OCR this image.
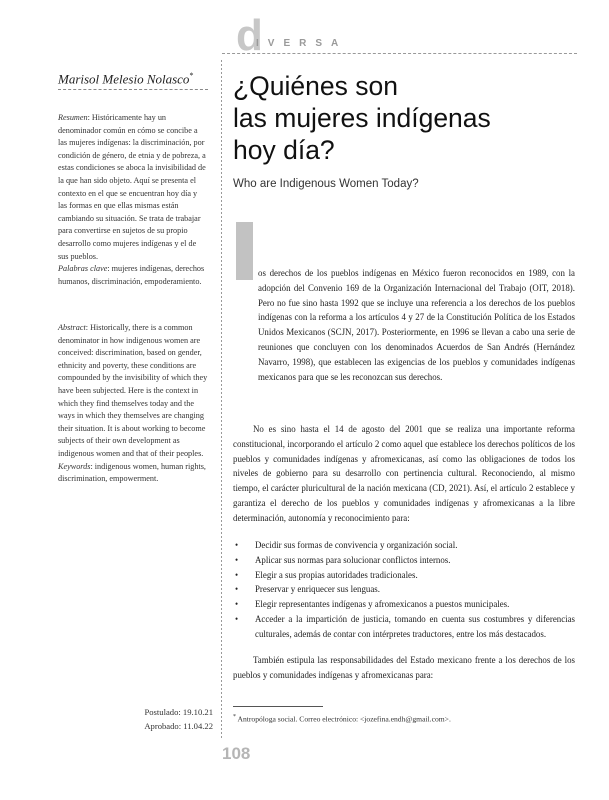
d
IVERSA
Marisol Melesio Nolasco*
Resumen: Históricamente hay un denominador común en cómo se concibe a las mujeres indígenas: la discriminación, por condición de género, de etnia y de pobreza, a estas condiciones se aboca la invisibilidad de la que han sido objeto. Aquí se presenta el contexto en el que se encuentran hoy día y las formas en que ellas mismas están cambiando su situación. Se trata de trabajar para convertirse en sujetos de su propio desarrollo como mujeres indígenas y el de sus pueblos.
Palabras clave: mujeres indígenas, derechos humanos, discriminación, empoderamiento.
Abstract: Historically, there is a common denominator in how indigenous women are conceived: discrimination, based on gender, ethnicity and poverty, these conditions are compounded by the invisibility of which they have been subjected. Here is the context in which they find themselves today and the ways in which they themselves are changing their situation. It is about working to become subjects of their own development as indigenous women and that of their peoples.
Keywords: indigenous women, human rights, discrimination, empowerment.
Postulado: 19.10.21
Aprobado: 11.04.22
¿Quiénes son
las mujeres indígenas
hoy día?
Who are Indigenous Women Today?
os derechos de los pueblos indígenas en México fueron reconocidos en 1989, con la adopción del Convenio 169 de la Organización Internacional del Trabajo (OIT, 2018). Pero no fue sino hasta 1992 que se incluye una referencia a los derechos de los pueblos indígenas con la reforma a los artículos 4 y 27 de la Constitución Política de los Estados Unidos Mexicanos (SCJN, 2017). Posteriormente, en 1996 se llevan a cabo una serie de reuniones que concluyen con los denominados Acuerdos de San Andrés (Hernández Navarro, 1998), que establecen las exigencias de los pueblos y comunidades indígenas mexicanos para que se les reconozcan sus derechos.

No es sino hasta el 14 de agosto del 2001 que se realiza una importante reforma constitucional, incorporando el artículo 2 como aquel que establece los derechos políticos de los pueblos y comunidades indígenas y afromexicanas, así como las obligaciones de todos los niveles de gobierno para su desarrollo con pertinencia cultural. Reconociendo, al mismo tiempo, el carácter pluricultural de la nación mexicana (CD, 2021). Así, el artículo 2 establece y garantiza el derecho de los pueblos y comunidades indígenas y afromexicanas a la libre determinación, autonomía y reconocimiento para:

• Decidir sus formas de convivencia y organización social.
• Aplicar sus normas para solucionar conflictos internos.
• Elegir a sus propias autoridades tradicionales.
• Preservar y enriquecer sus lenguas.
• Elegir representantes indígenas y afromexicanos a puestos municipales.
• Acceder a la impartición de justicia, tomando en cuenta sus costumbres y diferencias culturales, además de contar con intérpretes traductores, entre los más destacados.

También estipula las responsabilidades del Estado mexicano frente a los derechos de los pueblos y comunidades indígenas y afromexicanas para:

* Antropóloga social. Correo electrónico: <jozefina.endh@gmail.com>.
108
